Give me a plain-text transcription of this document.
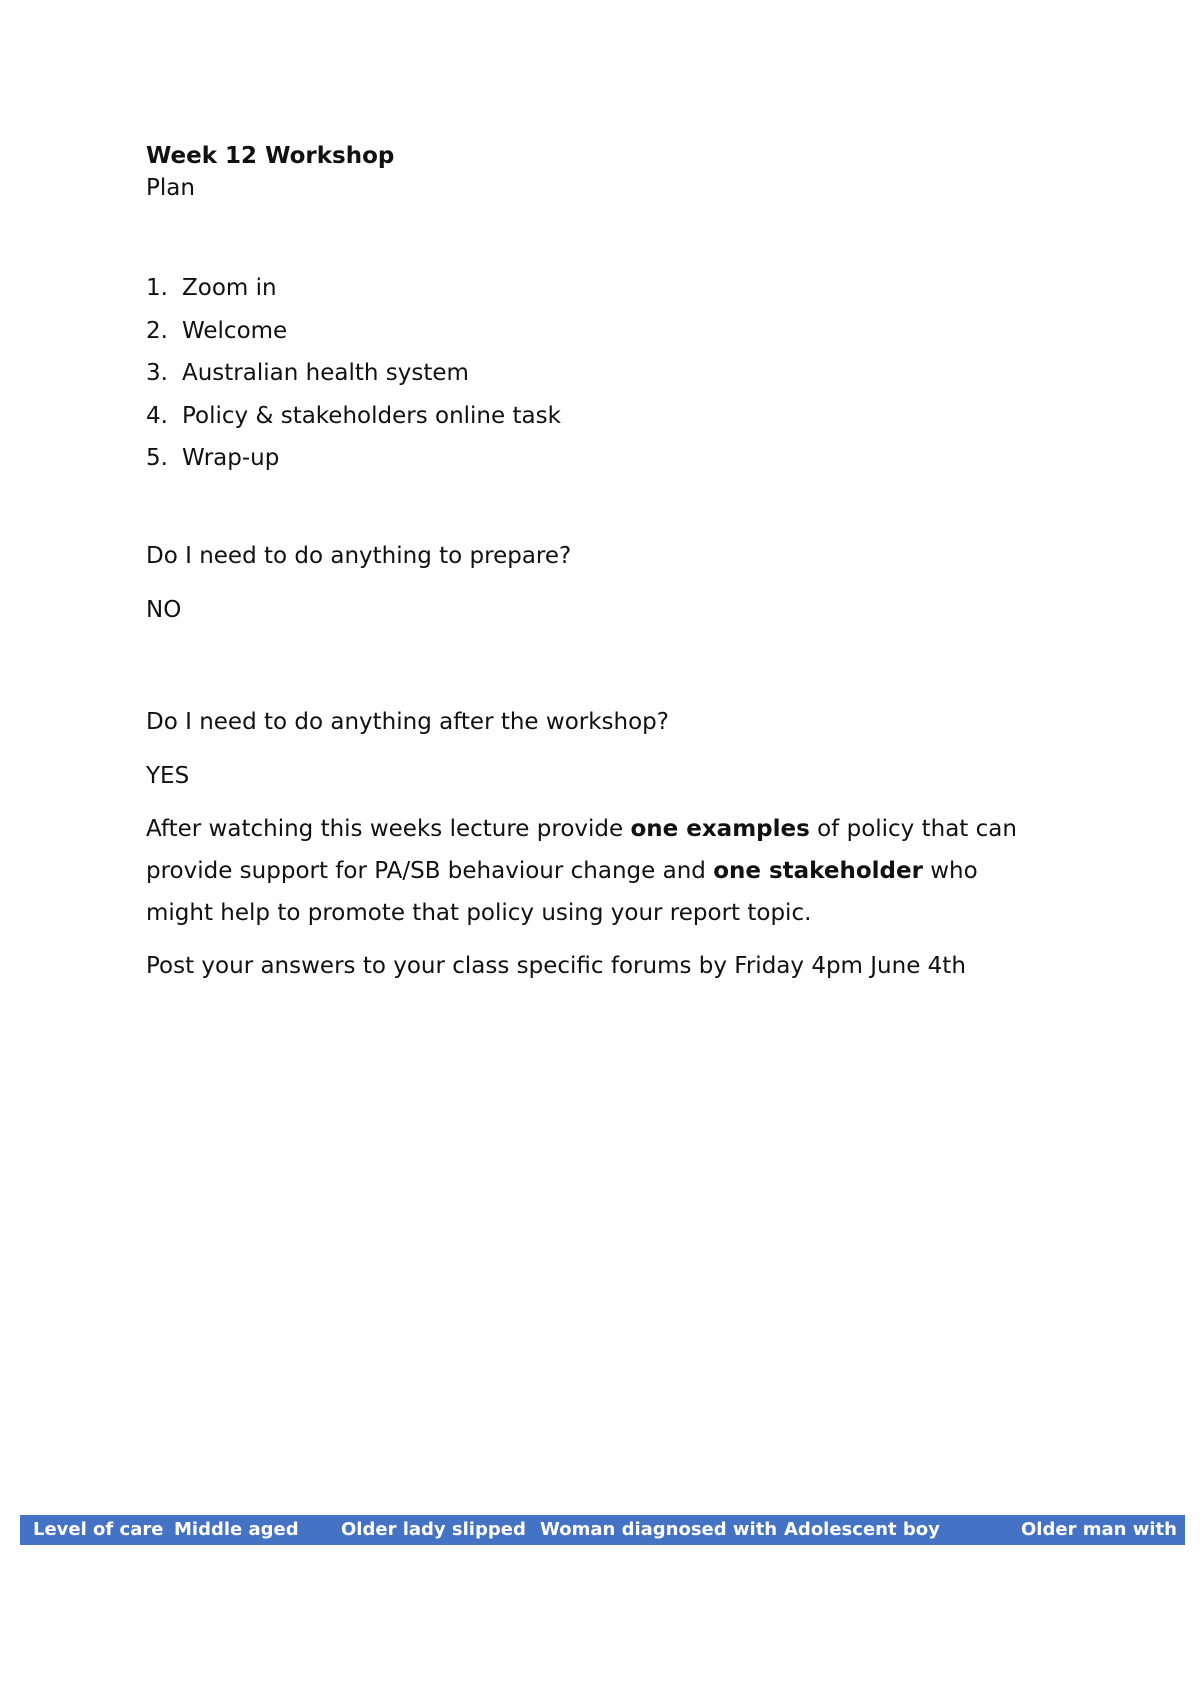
Week 12 Workshop

Plan

1. Zoom in
2. Welcome
3. Australian health system
4. Policy & stakeholders online task
5. Wrap-up

Do I need to do anything to prepare?

NO

Do I need to do anything after the workshop?

YES

After watching this weeks lecture provide one examples of policy that can provide support for PA/SB behaviour change and one stakeholder who might help to promote that policy using your report topic.

Post your answers to your class specific forums by Friday 4pm June 4th

Level of care Middle aged Older lady slipped Woman diagnosed with Adolescent boy	Older man with
